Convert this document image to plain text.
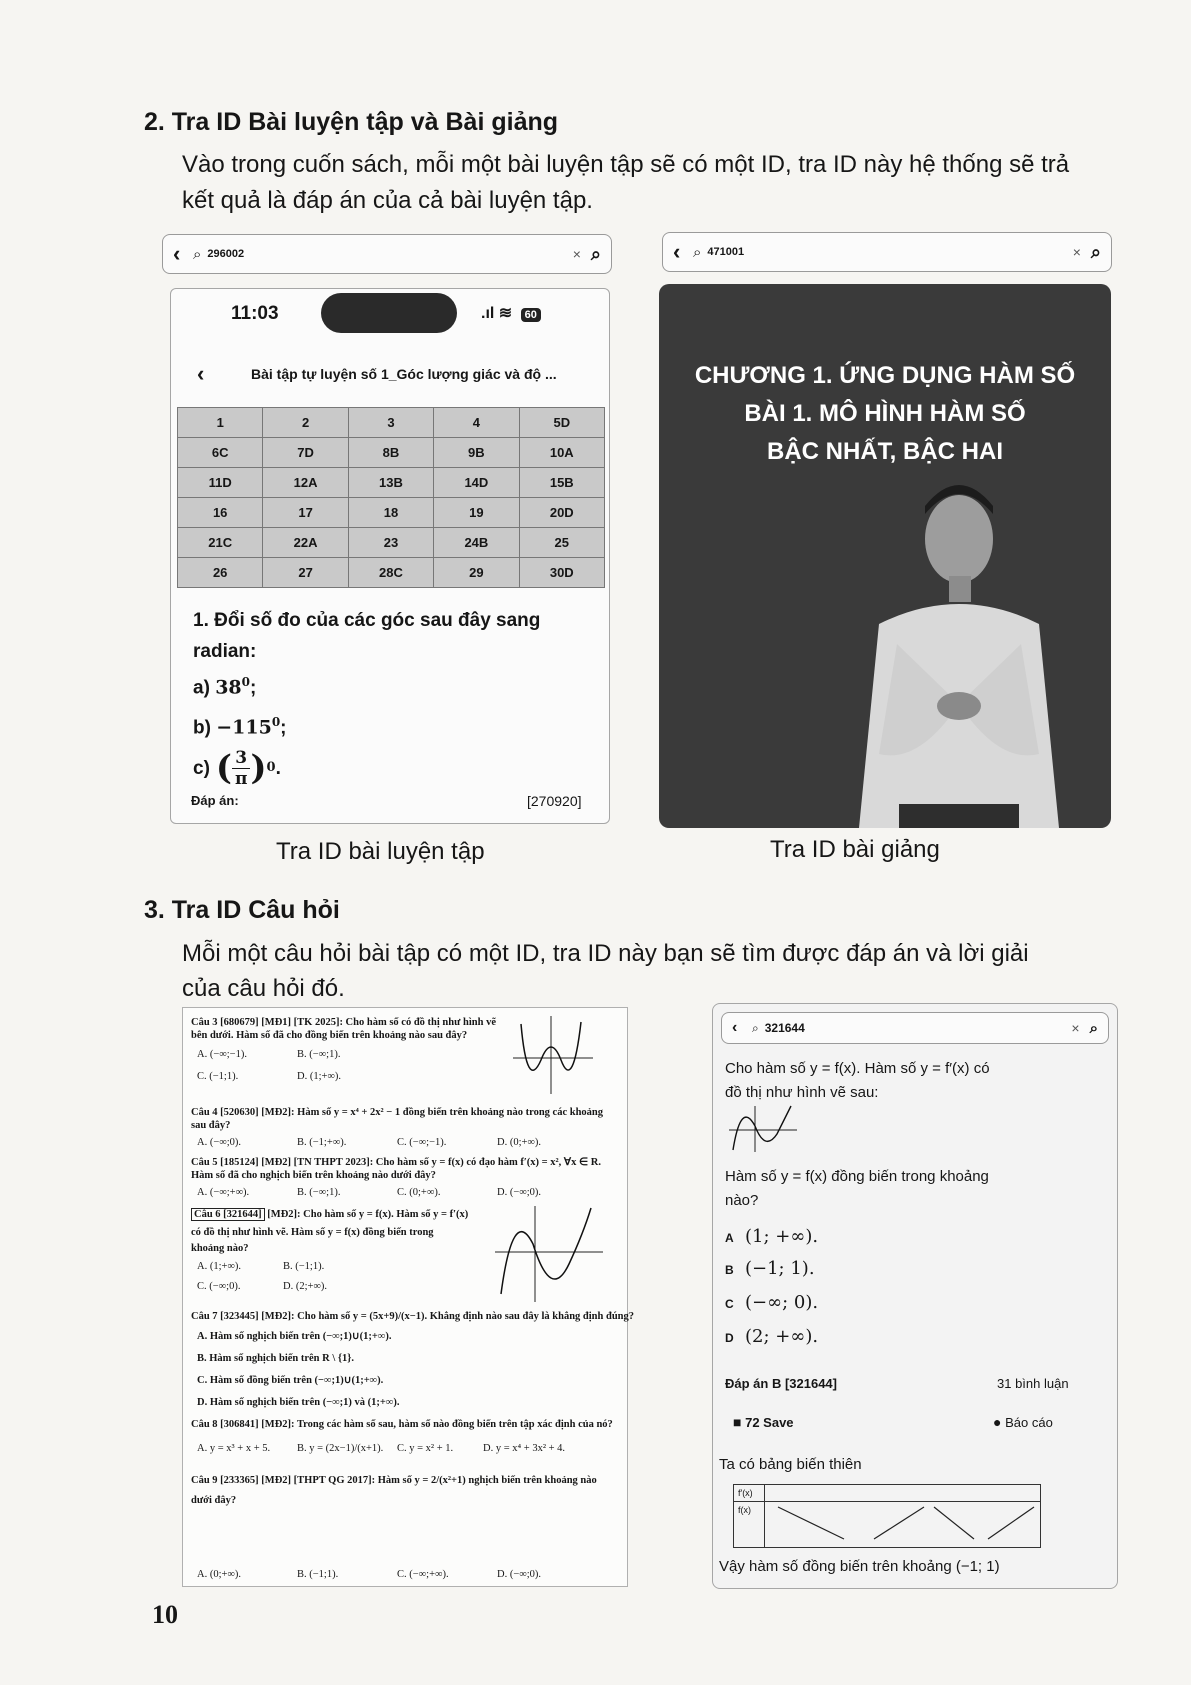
2. Tra ID Bài luyện tập và Bài giảng
Vào trong cuốn sách, mỗi một bài luyện tập sẽ có một ID, tra ID này hệ thống sẽ trả
kết quả là đáp án của cả bài luyện tập.
‹ ⌕ 296002	× ⌕	‹ ⌕ 471001	× ⌕
11:03	.ıl ≋ 60
‹	Bài tập tự luyện số 1_Góc lượng giác và độ ...
1	2	3	4	5D
6C	7D	8B	9B	10A
11D	12A	13B	14D	15B
16	17	18	19	20D
21C	22A	23	24B	25
26	27	28C	29	30D
1. Đổi số đo của các góc sau đây sang
radian:
a) $38^0$;
$b) -115^0$;
c) ( 3
π ) 0 .
Đáp án:	[270920]
CHƯƠNG 1. ỨNG DỤNG HÀM SỐ
BÀI 1. MÔ HÌNH HÀM SỐ
BẬC NHẤT, BẬC HAI
Tra ID bài luyện tập	Tra ID bài giảng
3. Tra ID Câu hỏi
Mỗi một câu hỏi bài tập có một ID, tra ID này bạn sẽ tìm được đáp án và lời giải
của câu hỏi đó.
Câu 3 [680679] [MĐ1] [TK 2025]: Cho hàm số có đồ thị như hình vẽ
bên dưới. Hàm số đã cho đồng biến trên khoảng nào sau đây?
A. (−∞;−1).	B. (−∞;1).
C. (−1;1).	D. (1;+∞).
Câu 4 [520630] [MĐ2]: Hàm số y = x⁴ + 2x² − 1 đồng biến trên khoảng nào trong các khoảng
sau đây?
A. (−∞;0).	B. (−1;+∞).	C. (−∞;−1).	D. (0;+∞).
Câu 5 [185124] [MĐ2] [TN THPT 2023]: Cho hàm số y = f(x) có đạo hàm f′(x) = x², ∀x ∈ R.
Hàm số đã cho nghịch biến trên khoảng nào dưới đây?
A. (−∞;+∞).	B. (−∞;1).	C. (0;+∞).	D. (−∞;0).
Câu 6 [321644] [MĐ2]: Cho hàm số y = f(x). Hàm số y = f′(x)
có đồ thị như hình vẽ. Hàm số y = f(x) đồng biến trong
khoảng nào?
A. (1;+∞).	B. (−1;1).
C. (−∞;0).	D. (2;+∞).
Câu 7 [323445] [MĐ2]: Cho hàm số y = (5x+9)/(x−1). Khẳng định nào sau đây là khẳng định đúng?
A. Hàm số nghịch biến trên (−∞;1)∪(1;+∞).
B. Hàm số nghịch biến trên R \ {1}.
C. Hàm số đồng biến trên (−∞;1)∪(1;+∞).
D. Hàm số nghịch biến trên (−∞;1) và (1;+∞).
Câu 8 [306841] [MĐ2]: Trong các hàm số sau, hàm số nào đồng biến trên tập xác định của nó?
A. y = x³ + x + 5.	B. y = (2x−1)/(x+1). C. y = x² + 1.	D. y = x⁴ + 3x² + 4.
Câu 9 [233365] [MĐ2] [THPT QG 2017]: Hàm số y = 2/(x²+1) nghịch biến trên khoảng nào
dưới đây?
A. (0;+∞).	B. (−1;1).	C. (−∞;+∞).	D. (−∞;0).
‹	⌕ 321644	× ⌕
Cho hàm số y = f(x). Hàm số y = f′(x) có
đồ thị như hình vẽ sau:
Hàm số y = f(x) đồng biến trong khoảng
nào?
A (1; +∞).
B (−1; 1).
C (−∞; 0).
D (2; +∞).
Đáp án B [321644]	31 bình luận
■ 72 Save	● Báo cáo
Ta có bảng biến thiên
f′(x)
f(x)
Vậy hàm số đồng biến trên khoảng (−1; 1)
10
